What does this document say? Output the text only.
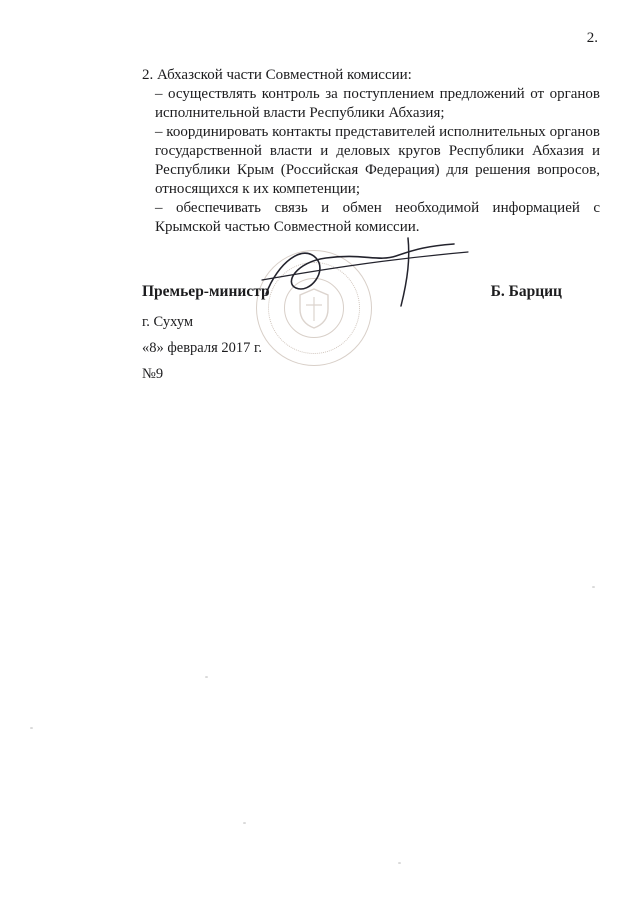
2.
2. Абхазской части Совместной комиссии:

– осуществлять контроль за поступлением предложений от органов исполнительной власти Республики Абхазия;

– координировать контакты представителей исполнительных органов государственной власти и деловых кругов Республики Абхазия и Республики Крым (Российская Федерация) для решения вопросов, относящихся к их компетенции;

– обеспечивать связь и обмен необходимой информацией с Крымской частью Совместной комиссии.

Премьер-министр	Б. Барциц
г. Сухум
«8» февраля 2017 г.
№9
